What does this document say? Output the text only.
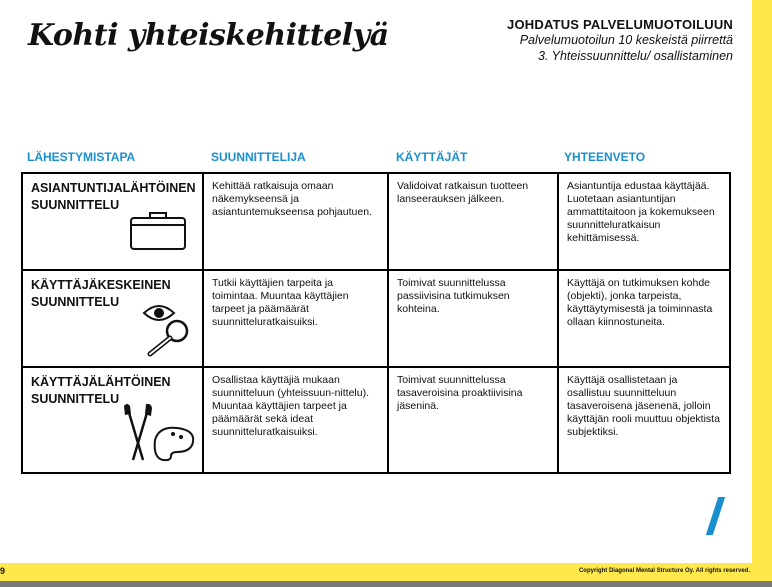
Kohti yhteiskehittelyä	JOHDATUS PALVELUMUOTOILUUN
Palvelumuotoilun 10 keskeistä piirrettä
3. Yhteissuunnittelu/ osallistaminen
LÄHESTYMISTAPA	SUUNNITTELIJA	KÄYTTÄJÄT	YHTEENVETO
ASIANTUNTIJALÄHTÖINEN
SUUNNITTELU	Kehittää ratkaisuja omaan näkemykseensä ja asiantuntemukseensa pohjautuen.	Validoivat ratkaisun tuotteen lanseerauksen jälkeen.	Asiantuntija edustaa käyttäjää. Luotetaan asiantuntijan ammattitaitoon ja kokemukseen suunnitteluratkaisun kehittämisessä.

KÄYTTÄJÄKESKEINEN
SUUNNITTELU	Tutkii käyttäjien tarpeita ja toimintaa. Muuntaa käyttäjien tarpeet ja päämäärät suunnitteluratkaisuiksi.	Toimivat suunnittelussa passiivisina tutkimuksen kohteina.	Käyttäjä on tutkimuksen kohde (objekti), jonka tarpeista, käyttäytymisestä ja toiminnasta ollaan kiinnostuneita.

KÄYTTÄJÄLÄHTÖINEN
SUUNNITTELU	Osallistaa käyttäjiä mukaan suunnitteluun (yhteissuun-nittelu). Muuntaa käyttäjien tarpeet ja päämäärät sekä ideat suunnitteluratkaisuiksi.	Toimivat suunnittelussa tasaveroisina proaktiivisina jäseninä.	Käyttäjä osallistetaan ja osallistuu suunnitteluun tasaveroisena jäsenenä, jolloin käyttäjän rooli muuttuu objektista subjektiksi.
9	Copyright Diagonal Mental Structure Oy. All rights reserved.
